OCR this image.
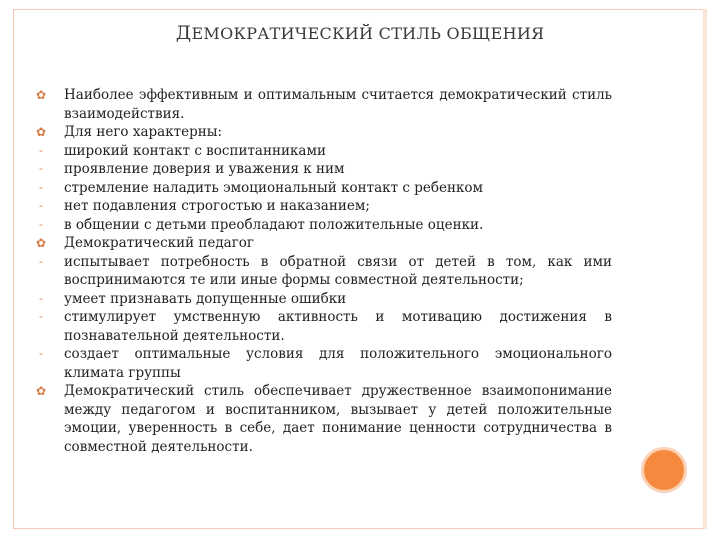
ДЕМОКРАТИЧЕСКИЙ СТИЛЬ ОБЩЕНИЯ
✿ Наиболее эффективным и оптимальным считается демократический стиль взаимодействия.
✿ Для него характерны:
- широкий контакт с воспитанниками
- проявление доверия и уважения к ним
- стремление наладить эмоциональный контакт с ребенком
- нет подавления строгостью и наказанием;
- в общении с детьми преобладают положительные оценки.
✿ Демократический педагог
- испытывает потребность в обратной связи от детей в том, как ими воспринимаются те или иные формы совместной деятельности;
- умеет признавать допущенные ошибки
- стимулирует умственную активность и мотивацию достижения в познавательной деятельности.
- создает оптимальные условия для положительного эмоционального климата группы
✿ Демократический стиль обеспечивает дружественное взаимопонимание между педагогом и воспитанником, вызывает у детей положительные эмоции, уверенность в себе, дает понимание ценности сотрудничества в совместной деятельности.
